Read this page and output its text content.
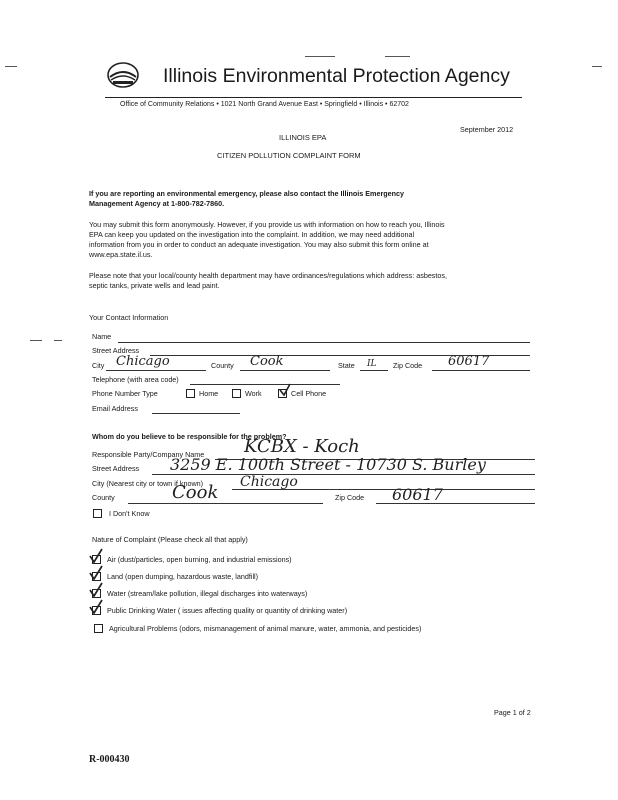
Illinois Environmental Protection Agency
Office of Community Relations • 1021 North Grand Avenue East • Springfield • Illinois • 62702
September 2012
ILLINOIS EPA
CITIZEN POLLUTION COMPLAINT FORM
If you are reporting an environmental emergency, please also contact the Illinois Emergency
Management Agency at 1-800-782-7860.
You may submit this form anonymously. However, if you provide us with information on how to reach you, Illinois
EPA can keep you updated on the investigation into the complaint. In addition, we may need additional
information from you in order to conduct an adequate investigation. You may also submit this form online at
www.epa.state.il.us.
Please note that your local/county health department may have ordinances/regulations which address: asbestos,
septic tanks, private wells and lead paint.
Your Contact Information
Name
Street Address
City Chicago	County Cook	State IL Zip Code 60617
Telephone (with area code)
Phone Number Type	Home	Work	Cell Phone
Email Address
Whom do you believe to be responsible for the problem?
Responsible Party/Company Name KCBX - Koch
Street Address 3259 E. 100th Street - 10730 S. Burley
City (Nearest city or town if known)	Chicago
County	Cook	Zip Code 60617
I Don't Know
Nature of Complaint (Please check all that apply)
Air (dust/particles, open burning, and industrial emissions)
Land (open dumping, hazardous waste, landfill)
Water (stream/lake pollution, illegal discharges into waterways)
Public Drinking Water ( issues affecting quality or quantity of drinking water)
Agricultural Problems (odors, mismanagement of animal manure, water, ammonia, and pesticides)
Page 1 of 2
R-000430
